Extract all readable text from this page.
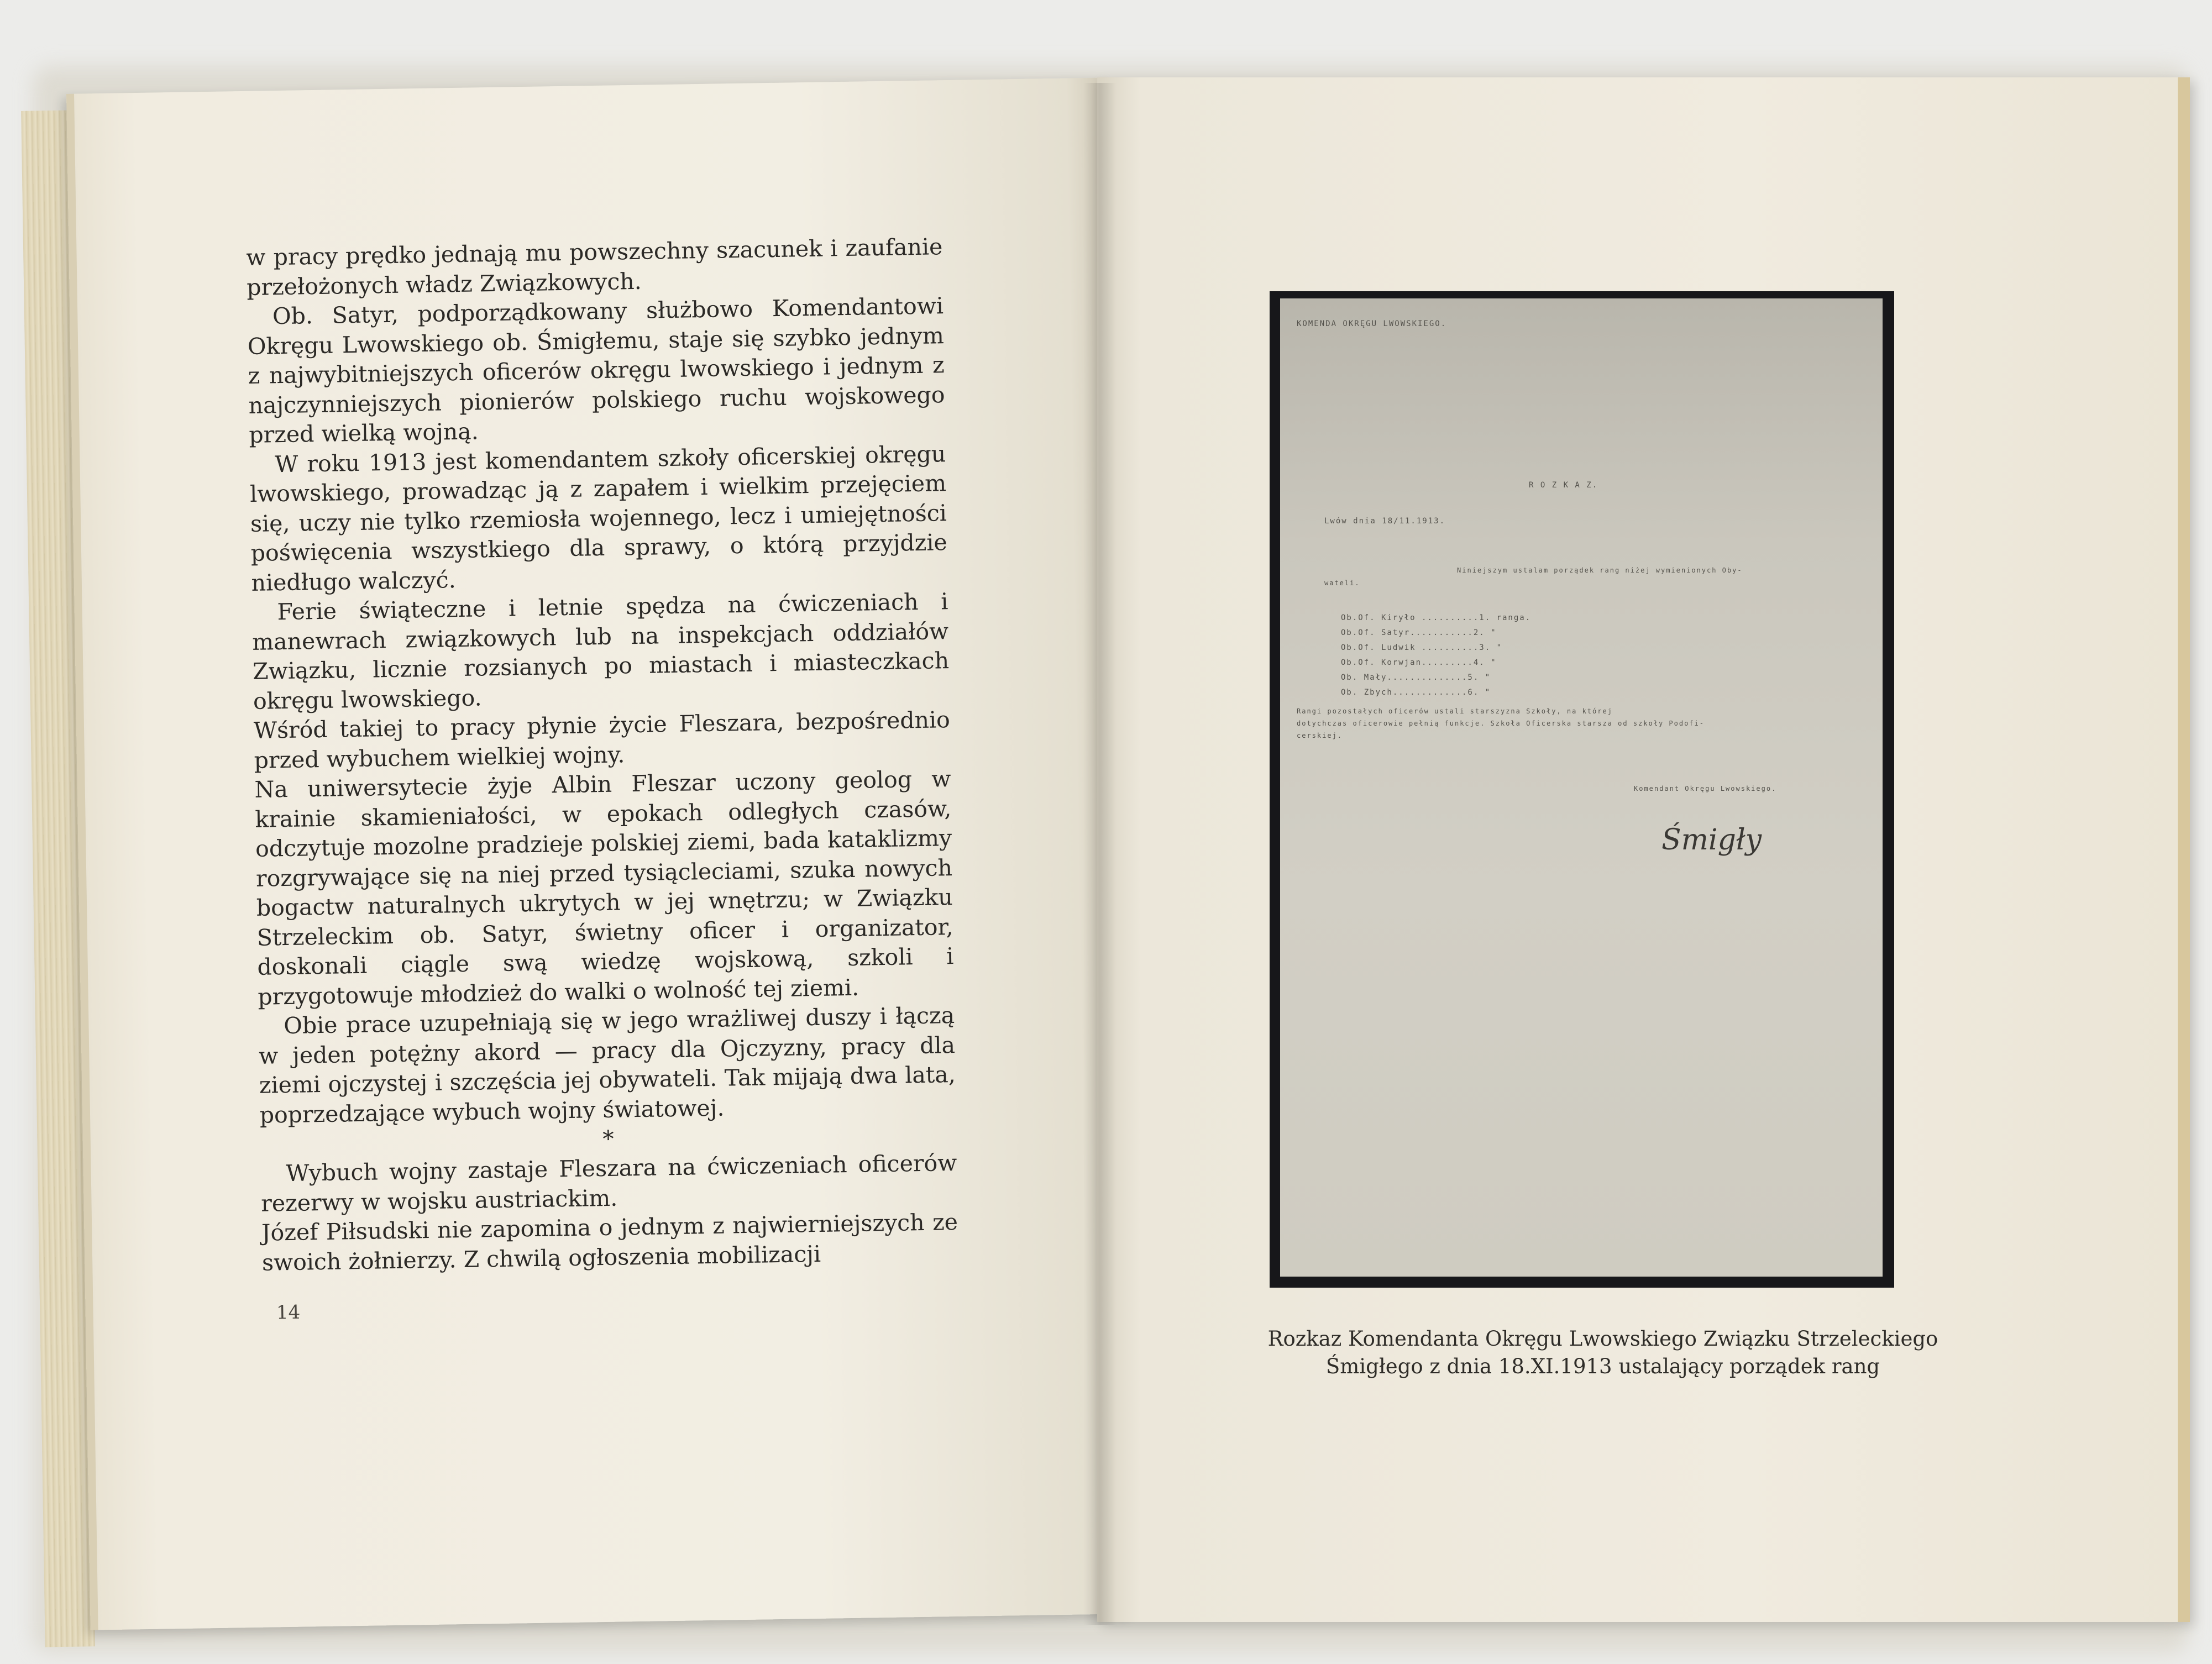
w pracy prędko jednają mu powszechny szacunek i zaufanie przełożonych władz Związkowych.

Ob. Satyr, podporządkowany służbowo Komendantowi Okręgu Lwowskiego ob. Śmigłemu, staje się szybko jednym z najwybitniejszych oficerów okręgu lwowskiego i jednym z najczynniejszych pionierów polskiego ruchu wojskowego przed wielką wojną.

W roku 1913 jest komendantem szkoły oficerskiej okręgu lwowskiego, prowadząc ją z zapałem i wielkim przejęciem się, uczy nie tylko rzemiosła wojennego, lecz i umiejętności poświęcenia wszystkiego dla sprawy, o którą przyjdzie niedługo walczyć.

Ferie świąteczne i letnie spędza na ćwiczeniach i manewrach związkowych lub na inspekcjach oddziałów Związku, licznie rozsianych po miastach i miasteczkach okręgu lwowskiego.

Wśród takiej to pracy płynie życie Fleszara, bezpośrednio przed wybuchem wielkiej wojny.

Na uniwersytecie żyje Albin Fleszar uczony geolog w krainie skamieniałości, w epokach odległych czasów, odczytuje mozolne pradzieje polskiej ziemi, bada kataklizmy rozgrywające się na niej przed tysiącleciami, szuka nowych bogactw naturalnych ukrytych w jej wnętrzu; w Związku Strzeleckim ob. Satyr, świetny oficer i organizator, doskonali ciągle swą wiedzę wojskową, szkoli i przygotowuje młodzież do walki o wolność tej ziemi.

Obie prace uzupełniają się w jego wrażliwej duszy i łączą w jeden potężny akord — pracy dla Ojczyzny, pracy dla ziemi ojczystej i szczęścia jej obywateli. Tak mijają dwa lata, poprzedzające wybuch wojny światowej.

*

Wybuch wojny zastaje Fleszara na ćwiczeniach oficerów rezerwy w wojsku austriackim.

Józef Piłsudski nie zapomina o jednym z najwierniejszych ze swoich żołnierzy. Z chwilą ogłoszenia mobilizacji

14
KOMENDA OKRĘGU LWOWSKIEGO.
R O Z K A Z.
Lwów dnia 18/11.1913.
Niniejszym ustalam porządek rang niżej wymienionych Oby-
wateli.
Ob.Of. Kiryło ..........1. ranga.
Ob.Of. Satyr...........2. "
Ob.Of. Ludwik ..........3. "
Ob.Of. Korwjan.........4. "
Ob. Mały..............5. "
Ob. Zbych.............6. "
Rangi pozostałych oficerów ustali starszyzna Szkoły, na której
dotychczas oficerowie pełnią funkcje. Szkoła Oficerska starsza od szkoły Podofi-
cerskiej.
Komendant Okręgu Lwowskiego.
Śmigły
Rozkaz Komendanta Okręgu Lwowskiego Związku Strzeleckiego
Śmigłego z dnia 18.XI.1913 ustalający porządek rang
